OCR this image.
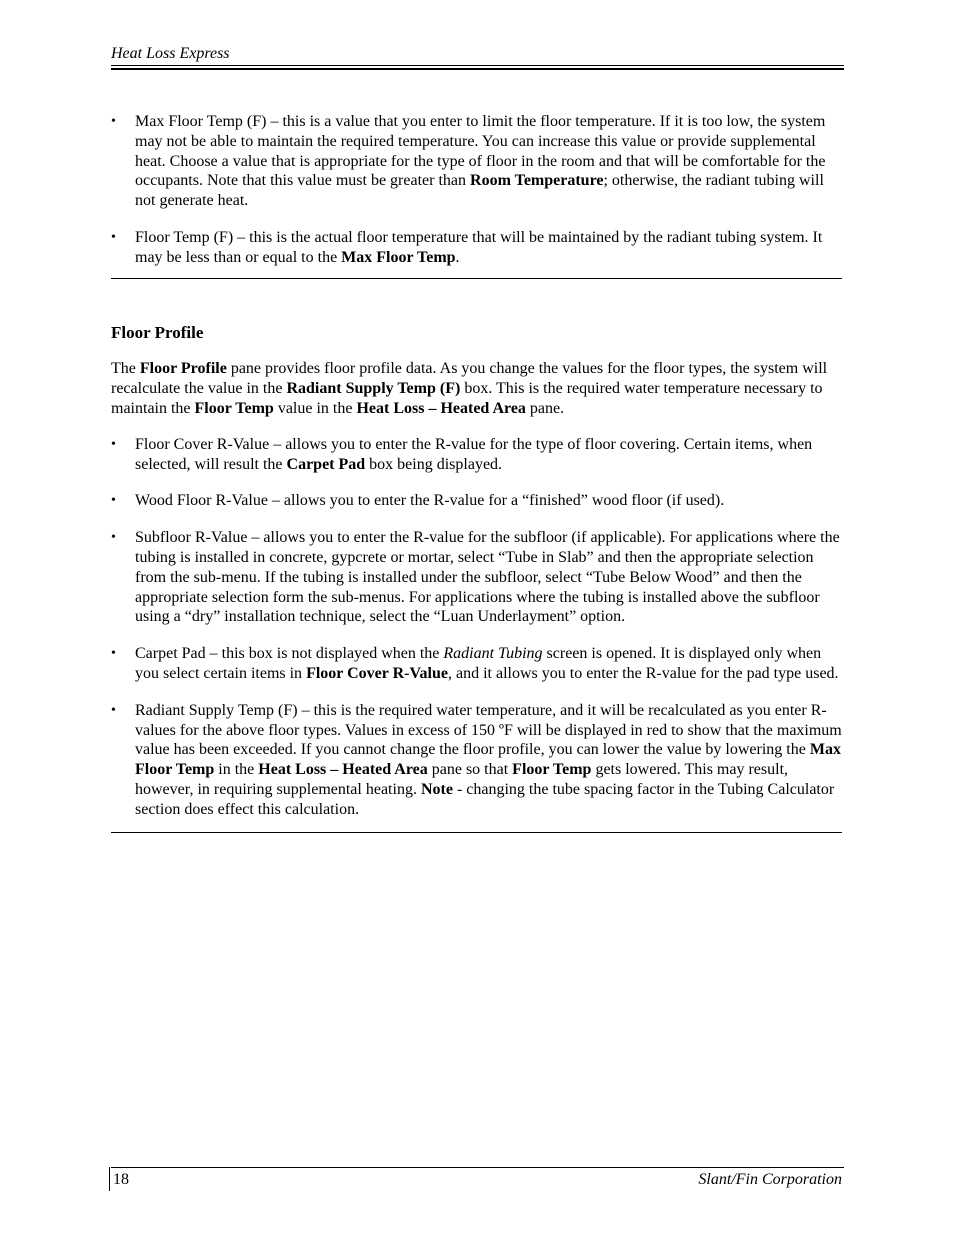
Heat Loss Express
• Max Floor Temp (F) – this is a value that you enter to limit the floor temperature. If it is too low, the system may not be able to maintain the required temperature. You can increase this value or provide supplemental heat. Choose a value that is appropriate for the type of floor in the room and that will be comfortable for the occupants. Note that this value must be greater than Room Temperature; otherwise, the radiant tubing will not generate heat.
• Floor Temp (F) – this is the actual floor temperature that will be maintained by the radiant tubing system. It may be less than or equal to the Max Floor Temp.
Floor Profile

The Floor Profile pane provides floor profile data. As you change the values for the floor types, the system will recalculate the value in the Radiant Supply Temp (F) box. This is the required water temperature necessary to maintain the Floor Temp value in the Heat Loss – Heated Area pane.

• Floor Cover R-Value – allows you to enter the R-value for the type of floor covering. Certain items, when selected, will result the Carpet Pad box being displayed.
• Wood Floor R-Value – allows you to enter the R-value for a “finished” wood floor (if used).
• Subfloor R-Value – allows you to enter the R-value for the subfloor (if applicable). For applications where the tubing is installed in concrete, gypcrete or mortar, select “Tube in Slab” and then the appropriate selection from the sub-menu. If the tubing is installed under the subfloor, select “Tube Below Wood” and then the appropriate selection form the sub-menus. For applications where the tubing is installed above the subfloor using a “dry” installation technique, select the “Luan Underlayment” option.
• Carpet Pad – this box is not displayed when the Radiant Tubing screen is opened. It is displayed only when you select certain items in Floor Cover R-Value, and it allows you to enter the R-value for the pad type used.
• Radiant Supply Temp (F) – this is the required water temperature, and it will be recalculated as you enter R-values for the above floor types. Values in excess of 150 ºF will be displayed in red to show that the maximum value has been exceeded. If you cannot change the floor profile, you can lower the value by lowering the Max Floor Temp in the Heat Loss – Heated Area pane so that Floor Temp gets lowered. This may result, however, in requiring supplemental heating. Note - changing the tube spacing factor in the Tubing Calculator section does effect this calculation.
18	Slant/Fin Corporation
